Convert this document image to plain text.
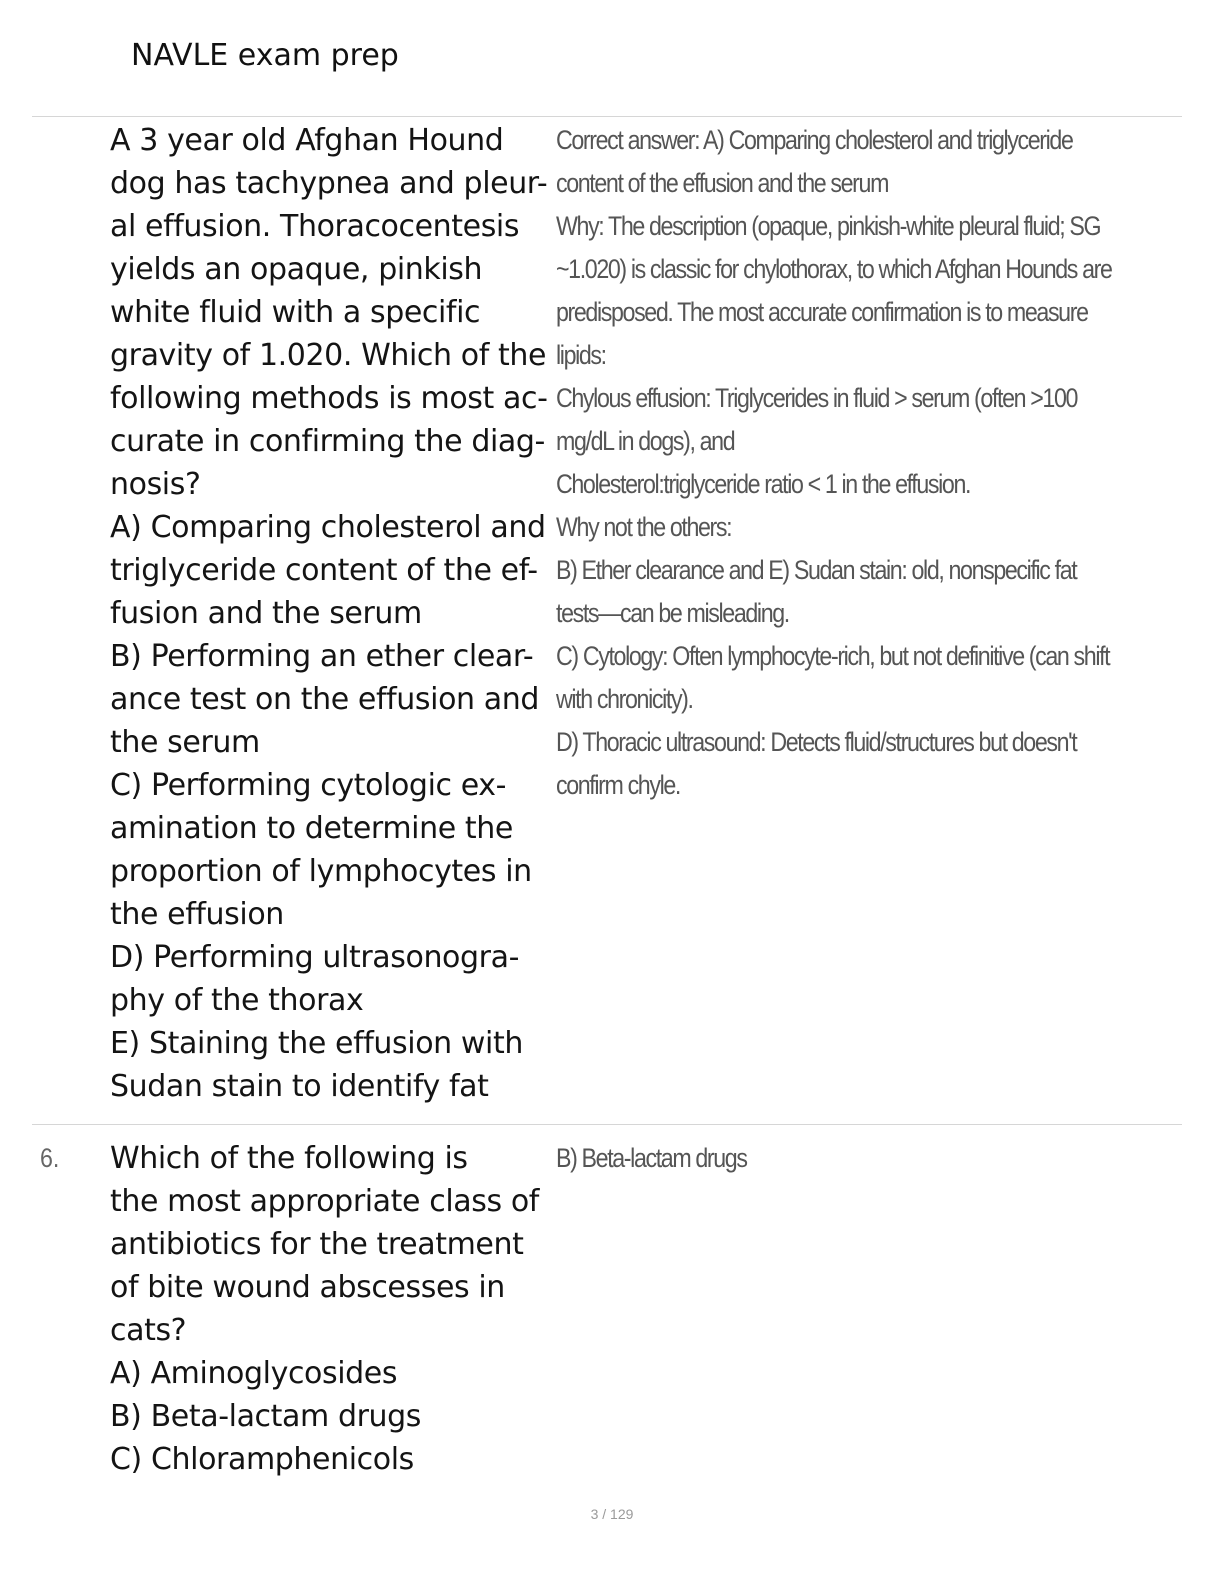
NAVLE exam prep
A 3 year old Afghan Hound
dog has tachypnea and pleur-
al effusion. Thoracocentesis
yields an opaque, pinkish
white fluid with a specific
gravity of 1.020. Which of the
following methods is most ac-
curate in confirming the diag-
nosis?
A) Comparing cholesterol and
triglyceride content of the ef-
fusion and the serum
B) Performing an ether clear-
ance test on the effusion and
the serum
C) Performing cytologic ex-
amination to determine the
proportion of lymphocytes in
the effusion
D) Performing ultrasonogra-
phy of the thorax
E) Staining the effusion with
Sudan stain to identify fat
Correct answer: A) Comparing cholesterol and triglyceride
content of the effusion and the serum
Why: The description (opaque, pinkish-white pleural fluid; SG
~1.020) is classic for chylothorax, to which Afghan Hounds are
predisposed. The most accurate confirmation is to measure
lipids:
Chylous effusion: Triglycerides in fluid > serum (often >100
mg/dL in dogs), and
Cholesterol:triglyceride ratio < 1 in the effusion.
Why not the others:
B) Ether clearance and E) Sudan stain: old, nonspecific fat
tests—can be misleading.
C) Cytology: Often lymphocyte-rich, but not definitive (can shift
with chronicity).
D) Thoracic ultrasound: Detects fluid/structures but doesn't
confirm chyle.
6. Which of the following is
the most appropriate class of
antibiotics for the treatment
of bite wound abscesses in
cats?
A) Aminoglycosides
B) Beta-lactam drugs
C) Chloramphenicols
B) Beta-lactam drugs
3 / 129
